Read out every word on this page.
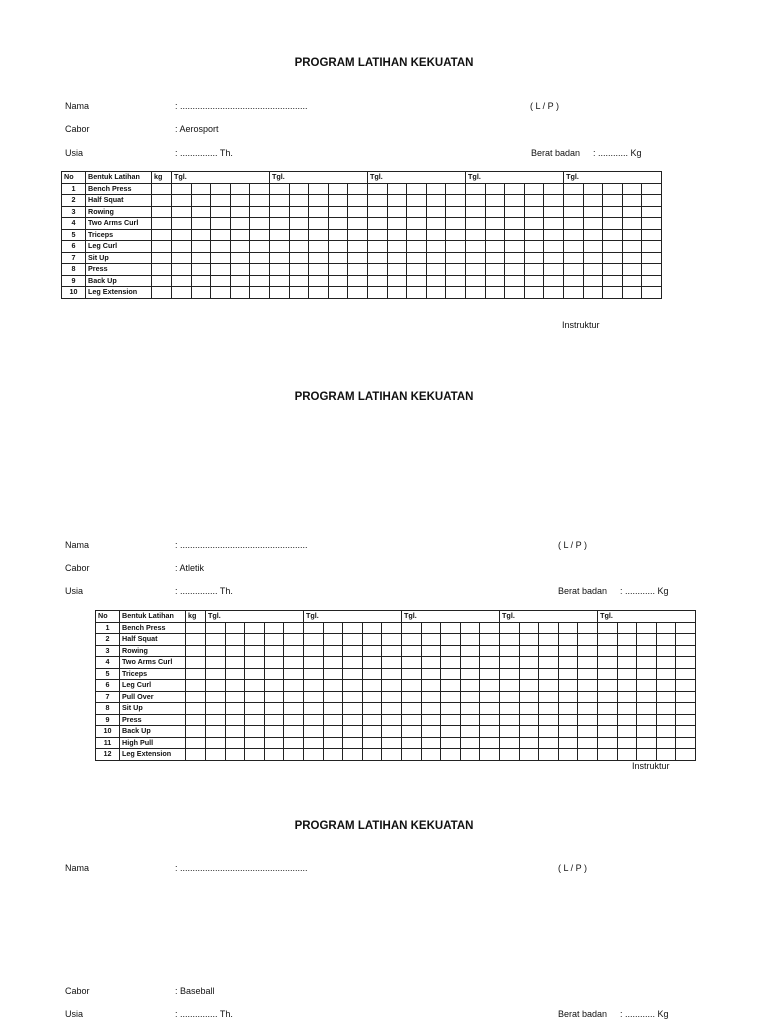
PROGRAM LATIHAN KEKUATAN
Nama	: ...................................................	( L / P )
Cabor	: Aerosport
Usia	: ............... Th.	Berat badan : ............ Kg
No	Bentuk Latihan	kg	Tgl.					Tgl.					Tgl.					Tgl.					Tgl.				
1	Bench Press																										
2	Half Squat																										
3	Rowing																										
4	Two Arms Curl																										
5	Triceps																										
6	Leg Curl																										
7	Sit Up																										
8	Press																										
9	Back Up																										
10	Leg Extension																										
Instruktur
PROGRAM LATIHAN KEKUATAN
Nama	: ...................................................	( L / P )
Cabor	: Atletik
Usia	: ............... Th.	Berat badan : ............ Kg
No	Bentuk Latihan	kg	Tgl.					Tgl.					Tgl.					Tgl.					Tgl.				
1	Bench Press																										
2	Half Squat																										
3	Rowing																										
4	Two Arms Curl																										
5	Triceps																										
6	Leg Curl																										
7	Pull Over																										
8	Sit Up																										
9	Press																										
10	Back Up																										
11	High Pull																										
12	Leg Extension																										
Instruktur
PROGRAM LATIHAN KEKUATAN
Nama	: ...................................................	( L / P )
Cabor	: Baseball
Usia	: ............... Th.	Berat badan : ............ Kg
